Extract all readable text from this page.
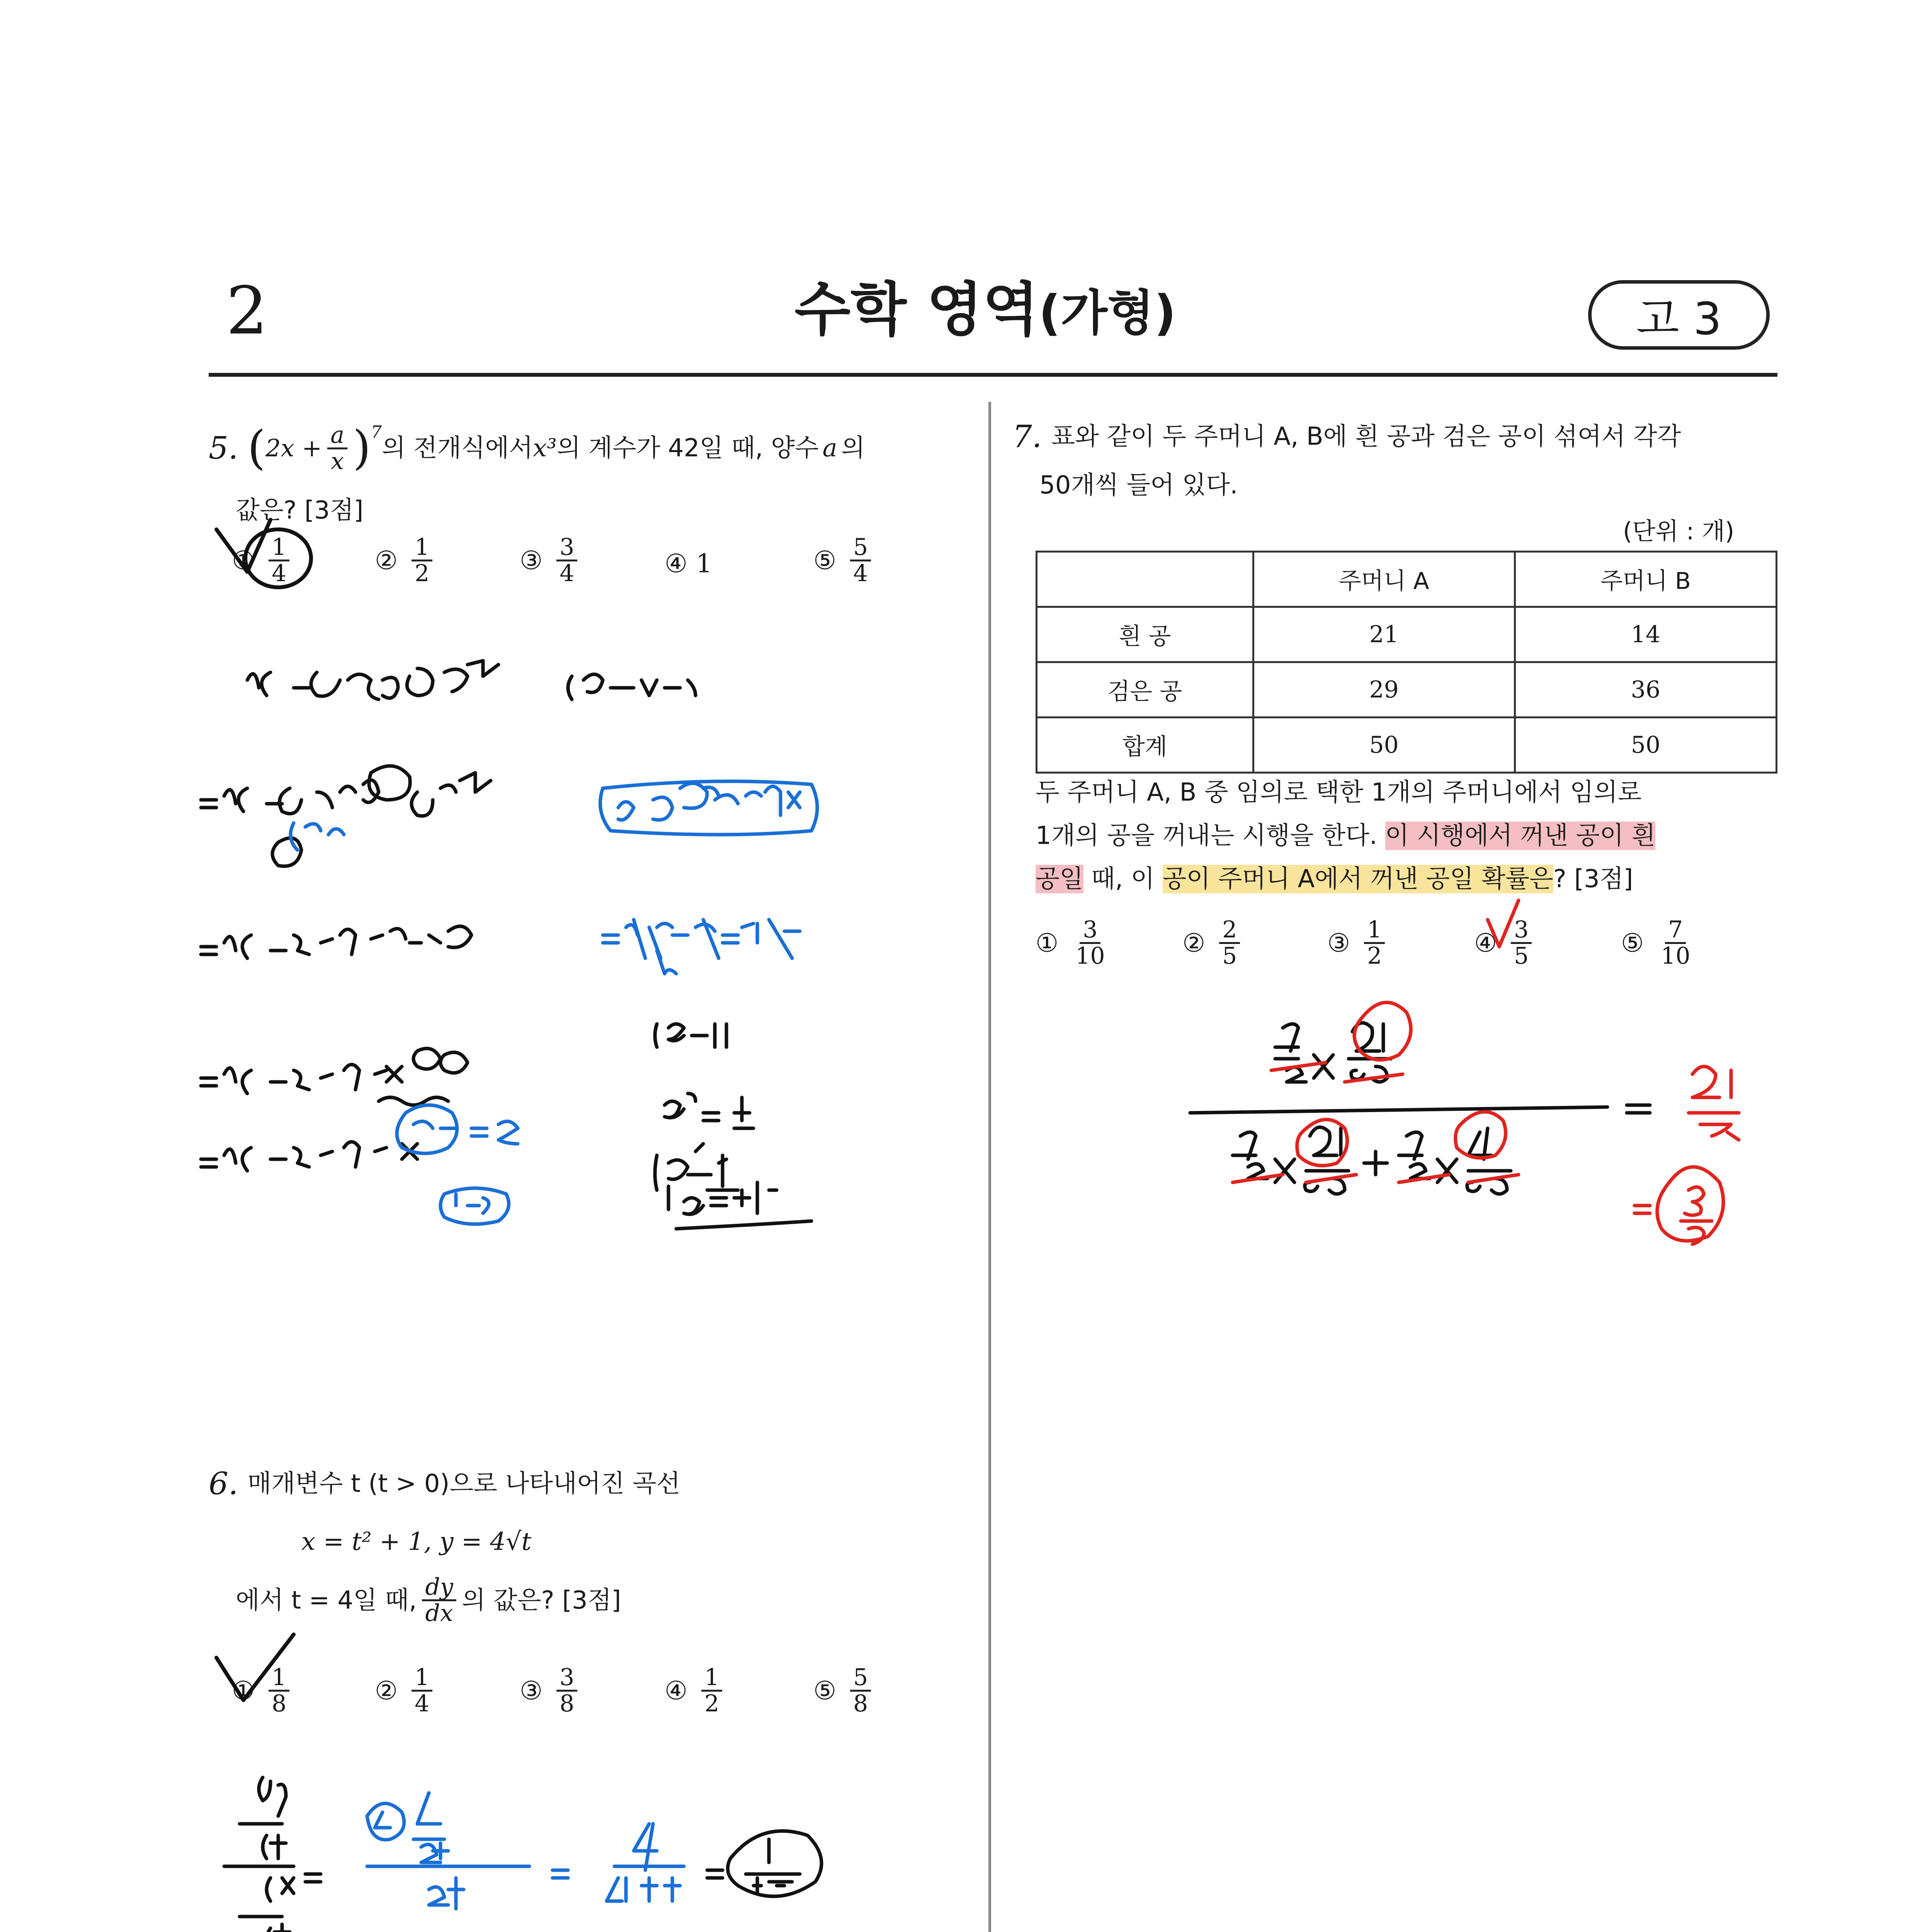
2	수학 영역(가형)	고 3
5. ( $2x + \frac{a}{x} )^7$
의 전개식에서 x³ 의 계수가 42일 때, 양수 a 의
값은? [3점]
① $\frac{1}{4}$	② $\frac{1}{2}$	③ $\frac{3}{4}$	④ 1	⑤ $\frac{5}{4}$
6. 매개변수 t (t > 0)으로 나타내어진 곡선
x = t² + 1, y = 4√t
에서 t = 4일 때, $\frac{dy}{dx}$ 의 값은? [3점]
① $\frac{1}{8}$	② $\frac{1}{4}$	③ $\frac{3}{8}$	④ $\frac{1}{2}$	⑤ $\frac{5}{8}$
7. 표와 같이 두 주머니 A, B에 흰 공과 검은 공이 섞여서 각각
50개씩 들어 있다.
(단위 : 개)
	주머니 A	주머니 B
흰 공	21	14
검은 공	29	36
합계	50	50
두 주머니 A, B 중 임의로 택한 1개의 주머니에서 임의로
1개의 공을 꺼내는 시행을 한다. 이 시행에서 꺼낸 공이 흰
공일 때, 이 공이 주머니 A에서 꺼낸 공일 확률은? [3점]
① $\frac{3}{10}$	② $\frac{2}{5}$	③ $\frac{1}{2}$	④ $\frac{3}{5}$	⑤ $\frac{7}{10}$
